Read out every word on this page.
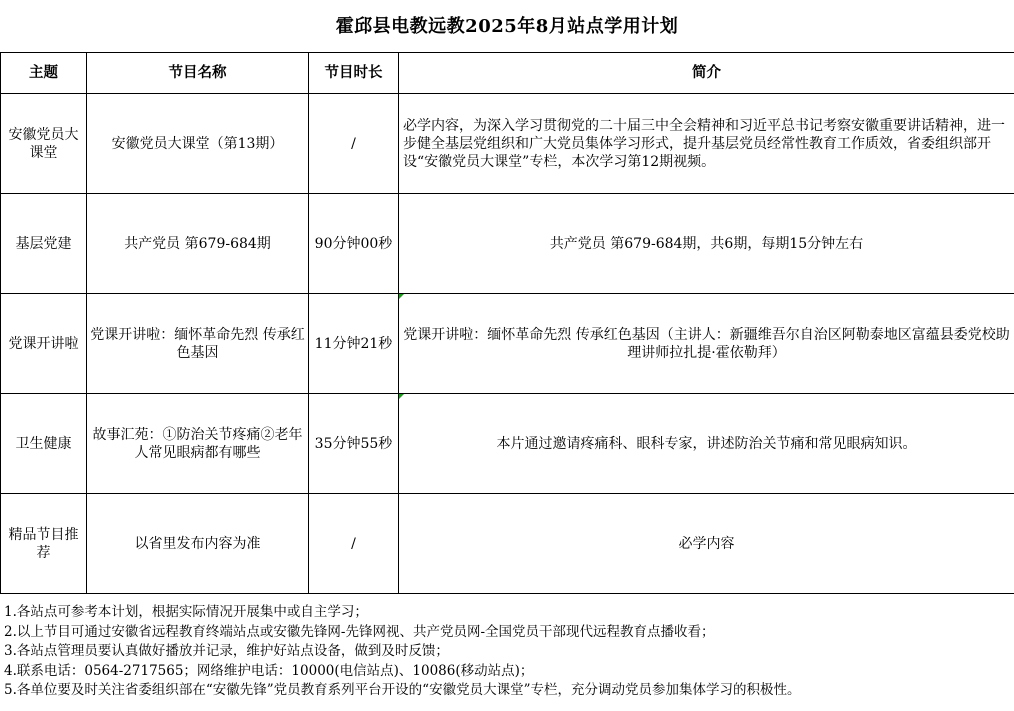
霍邱县电教远教2025年8月站点学用计划
主题	节目名称	节目时长	简介
安徽党员大课堂	安徽党员大课堂（第13期）	/	必学内容，为深入学习贯彻党的二十届三中全会精神和习近平总书记考察安徽重要讲话精神，进一步健全基层党组织和广大党员集体学习形式，提升基层党员经常性教育工作质效，省委组织部开设“安徽党员大课堂”专栏，本次学习第12期视频。
基层党建	共产党员 第679-684期	90分钟00秒	共产党员 第679-684期，共6期，每期15分钟左右
党课开讲啦	党课开讲啦：缅怀革命先烈 传承红色基因	11分钟21秒	党课开讲啦：缅怀革命先烈 传承红色基因（主讲人：新疆维吾尔自治区阿勒泰地区富蕴县委党校助理讲师拉扎提·霍依勒拜）
卫生健康	故事汇苑：①防治关节疼痛②老年人常见眼病都有哪些	35分钟55秒	本片通过邀请疼痛科、眼科专家，讲述防治关节痛和常见眼病知识。
精品节目推荐	以省里发布内容为准	/	必学内容
1.各站点可参考本计划，根据实际情况开展集中或自主学习；
2.以上节目可通过安徽省远程教育终端站点或安徽先锋网-先锋网视、共产党员网-全国党员干部现代远程教育点播收看；
3.各站点管理员要认真做好播放并记录，维护好站点设备，做到及时反馈；
4.联系电话：0564-2717565；网络维护电话：10000(电信站点)、10086(移动站点)；
5.各单位要及时关注省委组织部在“安徽先锋”党员教育系列平台开设的“安徽党员大课堂”专栏，充分调动党员参加集体学习的积极性。
